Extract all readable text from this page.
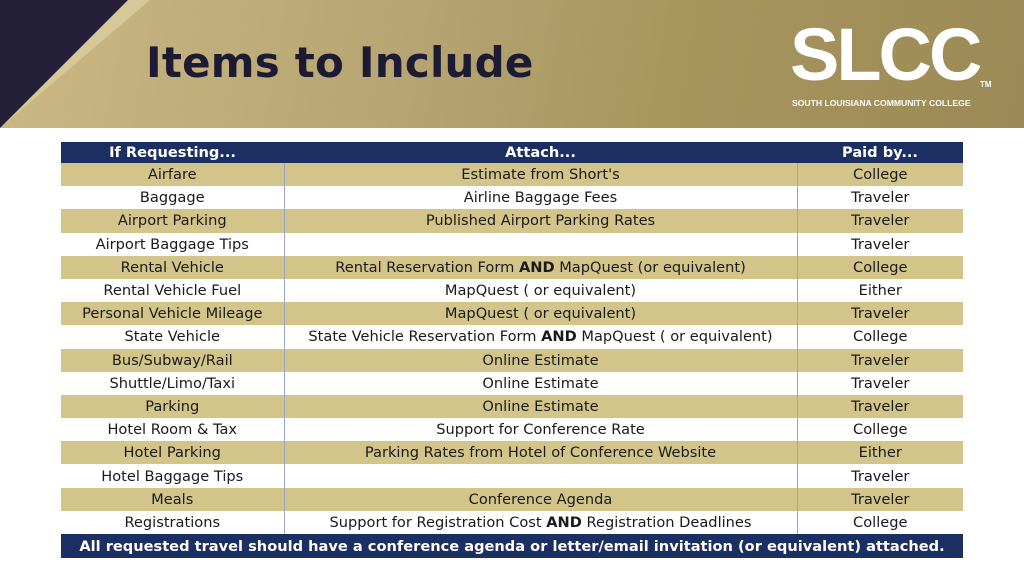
Items to Include	SLCC TM
SOUTH LOUISIANA COMMUNITY COLLEGE
If Requesting...	Attach...	Paid by...
Airfare	Estimate from Short's	College
Baggage	Airline Baggage Fees	Traveler
Airport Parking	Published Airport Parking Rates	Traveler
Airport Baggage Tips		Traveler
Rental Vehicle	Rental Reservation Form AND MapQuest (or equivalent)	College
Rental Vehicle Fuel	MapQuest ( or equivalent)	Either
Personal Vehicle Mileage	MapQuest ( or equivalent)	Traveler
State Vehicle	State Vehicle Reservation Form AND MapQuest ( or equivalent)	College
Bus/Subway/Rail	Online Estimate	Traveler
Shuttle/Limo/Taxi	Online Estimate	Traveler
Parking	Online Estimate	Traveler
Hotel Room & Tax	Support for Conference Rate	College
Hotel Parking	Parking Rates from Hotel of Conference Website	Either
Hotel Baggage Tips		Traveler
Meals	Conference Agenda	Traveler
Registrations	Support for Registration Cost AND Registration Deadlines	College
All requested travel should have a conference agenda or letter/email invitation (or equivalent) attached.		
